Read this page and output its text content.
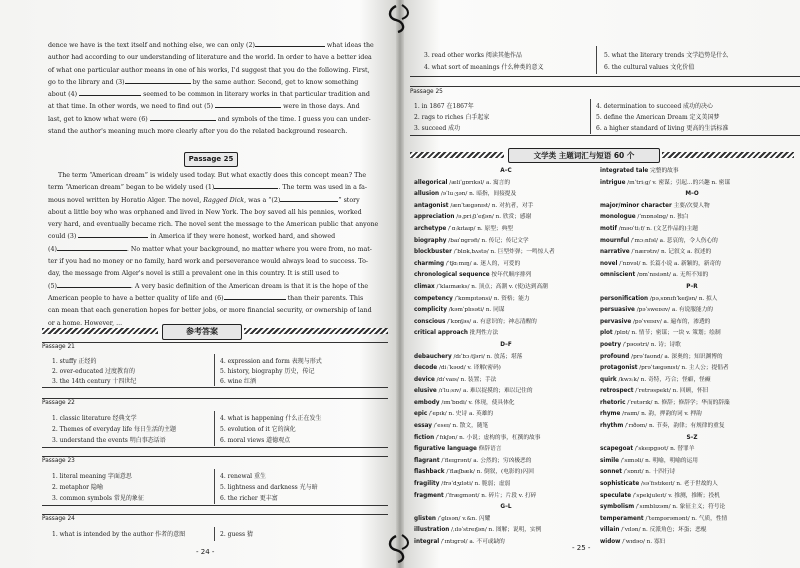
dence we have is the text itself and nothing else, we can only (2)	what ideas the
author had according to our understanding of literature and the world. In order to have a better idea
of what one particular author means in one of his works, I'd suggest that you do the following. First,
go to the library and (3)	by the same author. Second, get to know something
about (4)	seemed to be common in literary works in that particular tradition and
at that time. In other words, we need to find out (5)	were in those days. And
last, get to know what were (6)	and symbols of the time. I guess you can under-
stand the author's meaning much more clearly after you do the related background research.
Passage 25
The term “American dream” is widely used today. But what exactly does this concept mean? The
term “American dream” began to be widely used (1)	. The term was used in a fa-
mous novel written by Horatio Alger. The novel, Ragged Dick, was a “(2)	” story
about a little boy who was orphaned and lived in New York. The boy saved all his pennies, worked
very hard, and eventually became rich. The novel sent the message to the American public that anyone
could (3)	in America if they were honest, worked hard, and showed
(4)	. No matter what your background, no matter where you were from, no mat-
ter if you had no money or no family, hard work and perseverance would always lead to success. To-
day, the message from Alger's novel is still a prevalent one in this country. It is still used to
(5)	. A very basic definition of the American dream is that it is the hope of the
American people to have a better quality of life and (6)	than their parents. This
can mean that each generation hopes for better jobs, or more financial security, or ownership of land
or a home. However, ...
参考答案
Passage 21
1. stuffy 正经的	4. expression and form 表现与形式
2. over-educated 过度教育的	5. history, biography 历史，传记
3. the 14th century 十四世纪	6. wine 红酒
Passage 22
1. classic literature 经典文学	4. what is happening 什么正在发生
2. Themes of everyday life 每日生活的主题	5. evolution of it 它的演化
3. understand the events 明白事态话语	6. moral views 道德观点
Passage 23
1. literal meaning 字面意思	4. renewal 重生
2. metaphor 隐喻	5. lightness and darkness 光与暗
3. common symbols 常见的象征	6. the richer 更丰富
Passage 24
1. what is intended by the author 作者的意图	2. guess 猜
- 24 -
3. read other works 阅读其他作品	5. what the literary trends 文学趋势是什么
4. what sort of meanings 什么种类的意义	6. the cultural values 文化价值
Passage 25
1. in 1867 在1867年	4. determination to succeed 成功的决心
2. rags to riches 白手起家	5. define the American Dream 定义美国梦
3. succeed 成功	6. a higher standard of living 更高的生活标准
文学类 主题词汇与短语 60 个
A–C
allegorical /æliˈɡɒrɪkəl/ a. 寓言的
allusion /əˈluːʒən/ n. 暗指，间接提及
antagonist /ænˈtæɡənɪst/ n. 对抗者，对手
appreciation /əˌpriːʃiˈeɪʃən/ n. 欣赏；感谢
archetype /ˈɑːkɪtaɪp/ n. 原型；典型
biography /baɪˈɒɡrəfi/ n. 传记；传记文学
blockbuster /ˈblɒkˌbʌstə/ n. 巨型炸弹；一鸣惊人者
charming /ˈtʃɑːmɪŋ/ a. 迷人的，可爱的
chronological sequence 按年代顺序排列
climax /ˈklaɪmæks/ n. 顶点；高潮 v. (使)达到高潮
competency /ˈkɒmpɪtənsi/ n. 资格；能力
complicity /kəmˈplɪsəti/ n. 同谋
conscious /ˈkɒnʃəs/ a. 有意识的；神志清醒的
critical approach 批判性方法
D–F
debauchery /dɪˈbɔːtʃəri/ n. 放荡；堪落
decode /diːˈkəʊd/ v. 译解(密码)
device /dɪˈvaɪs/ n. 装置；手法
elusive /ɪˈluːsɪv/ a. 难以捉摸的；难以记住的
embody /ɪmˈbɒdi/ v. 体现，使具体化
epic /ˈepɪk/ n. 史诗 a. 英雄的
essay /ˈeseɪ/ n. 散文，随笔
fiction /ˈfɪkʃən/ n. 小说；虚构的事，杠撰的故事
figurative language 修辞语言
flagrant /ˈfleɪɡrənt/ a. 公然的；穷凶极恶的
flashback /ˈflæʃbæk/ n. 倒叙，(电影的)闪回
fragility /frəˈdʒɪləti/ n. 脆弱；虚弱
fragment /ˈfræɡmənt/ n. 碎片；片段 v. 打碎
G–L
glisten /ˈɡlɪsən/ v.&n. 闪耀
illustration /ˌɪləˈstreɪʃən/ n. 图解；说明，实例
integral /ˈɪntɪɡrəl/ a. 不可或缺的
integrated tale 完整的故事
intrigue /ɪnˈtriːɡ/ v. 密谋；引起…的兴趣 n. 密谋
M–O
major/minor character 主要/次要人物
monologue /ˈmɒnəlɒɡ/ n. 独白
motif /məʊˈtiːf/ n. (文艺作品的)主题
mournful /ˈmɔːnfəl/ a. 悲哀的，令人伤心的
narrative /ˈnærətɪv/ n. 记叙文 a. 叙述的
novel /ˈnɒvəl/ n. 长篇小说 a. 新颖的，新奇的
omniscient /ɒmˈnɪsiənt/ a. 无所不知的
P–R
personification /pəˌsɒnɪfɪˈkeɪʃən/ n. 拟人
persuasive /pəˈsweɪsɪv/ a. 有说服能力的
pervasive /pəˈveɪsɪv/ a. 遍布的，渗透的
plot /plɒt/ n. 情节；密谋；一块 v. 策划；绘制
poetry /ˈpəʊətri/ n. 诗；诗歌
profound /prəˈfaʊnd/ a. 深奥的；知识渊博的
protagonist /prəˈtæɡənɪst/ n. 主人公；提倡者
quirk /kwɜːk/ n. 奇特，巧合；怪癖，怪癫
retrospect /ˈretrəspekt/ n. 回顾，怀旧
rhetoric /ˈretərɪk/ n. 修辞；修辞学；华而的辞藻
rhyme /raɪm/ n. 韵，押韵的词 v. 押韵
rhythm /ˈrɪðəm/ n. 节奏，韵律；有规律的重复
S–Z
scapegoat /ˈskeɪpgəʊt/ n. 替罪羊
simile /ˈsɪməli/ n. 明喻，明喻的运用
sonnet /ˈsɒnɪt/ n. 十四行诗
sophisticate /səˈfɪstɪkeɪt/ n. 老于世故的人
speculate /ˈspekjuleɪt/ v. 推测，推断；投机
symbolism /ˈsɪmblɪzəm/ n. 象征主义；符号论
temperament /ˈtempərəmənt/ n. 气质，性情
villain /ˈvɪlən/ n. 反派角色；坏蛋；恶棍
widow /ˈwɪdəʊ/ n. 寡妇
- 25 -
